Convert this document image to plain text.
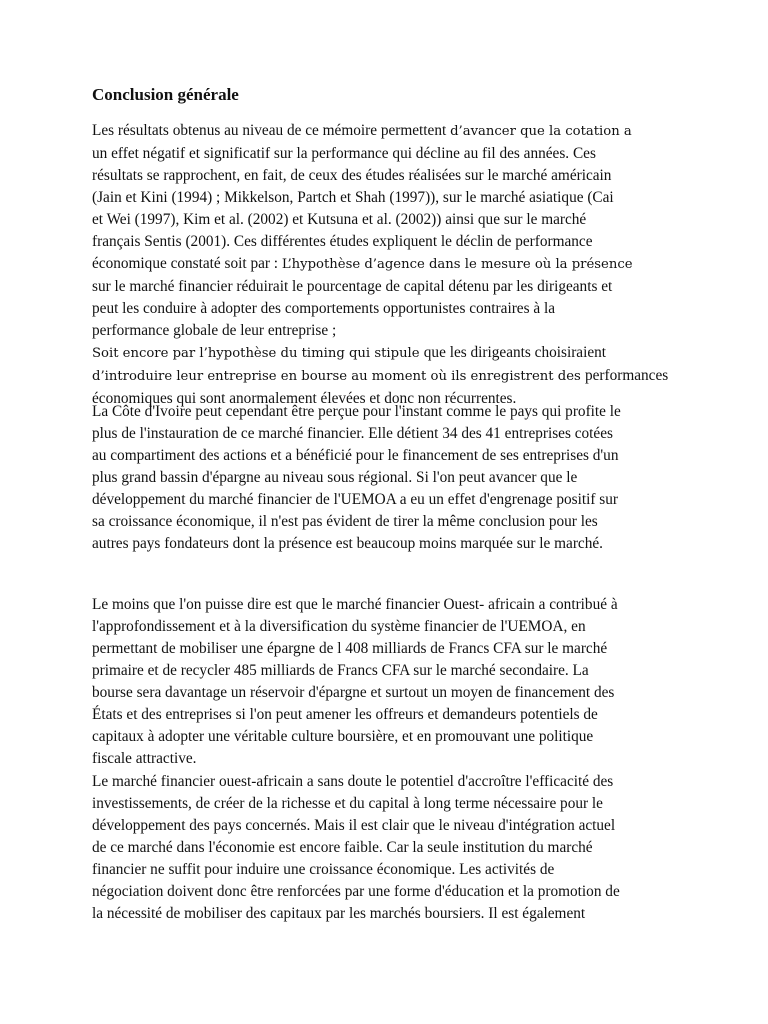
Conclusion générale
Les résultats obtenus au niveau de ce mémoire permettent d’avancer que la cotation a
un effet négatif et significatif sur la performance qui décline au fil des années. Ces
résultats se rapprochent, en fait, de ceux des études réalisées sur le marché américain
(Jain et Kini (1994) ; Mikkelson, Partch et Shah (1997)), sur le marché asiatique (Cai
et Wei (1997), Kim et al. (2002) et Kutsuna et al. (2002)) ainsi que sur le marché
français Sentis (2001). Ces différentes études expliquent le déclin de performance
économique constaté soit par : L’hypothèse d’agence dans le mesure où la présence
sur le marché financier réduirait le pourcentage de capital détenu par les dirigeants et
peut les conduire à adopter des comportements opportunistes contraires à la
performance globale de leur entreprise ;
Soit encore par l’hypothèse du timing qui stipule que les dirigeants choisiraient
d’introduire leur entreprise en bourse au moment où ils enregistrent des performances
économiques qui sont anormalement élevées et donc non récurrentes.
La Côte d'Ivoire peut cependant être perçue pour l'instant comme le pays qui profite le
plus de l'instauration de ce marché financier. Elle détient 34 des 41 entreprises cotées
au compartiment des actions et a bénéficié pour le financement de ses entreprises d'un
plus grand bassin d'épargne au niveau sous régional. Si l'on peut avancer que le
développement du marché financier de l'UEMOA a eu un effet d'engrenage positif sur
sa croissance économique, il n'est pas évident de tirer la même conclusion pour les
autres pays fondateurs dont la présence est beaucoup moins marquée sur le marché.
Le moins que l'on puisse dire est que le marché financier Ouest- africain a contribué à
l'approfondissement et à la diversification du système financier de l'UEMOA, en
permettant de mobiliser une épargne de l 408 milliards de Francs CFA sur le marché
primaire et de recycler 485 milliards de Francs CFA sur le marché secondaire. La
bourse sera davantage un réservoir d'épargne et surtout un moyen de financement des
États et des entreprises si l'on peut amener les offreurs et demandeurs potentiels de
capitaux à adopter une véritable culture boursière, et en promouvant une politique
fiscale attractive.
Le marché financier ouest-africain a sans doute le potentiel d'accroître l'efficacité des
investissements, de créer de la richesse et du capital à long terme nécessaire pour le
développement des pays concernés. Mais il est clair que le niveau d'intégration actuel
de ce marché dans l'économie est encore faible. Car la seule institution du marché
financier ne suffit pour induire une croissance économique. Les activités de
négociation doivent donc être renforcées par une forme d'éducation et la promotion de
la nécessité de mobiliser des capitaux par les marchés boursiers. Il est également
